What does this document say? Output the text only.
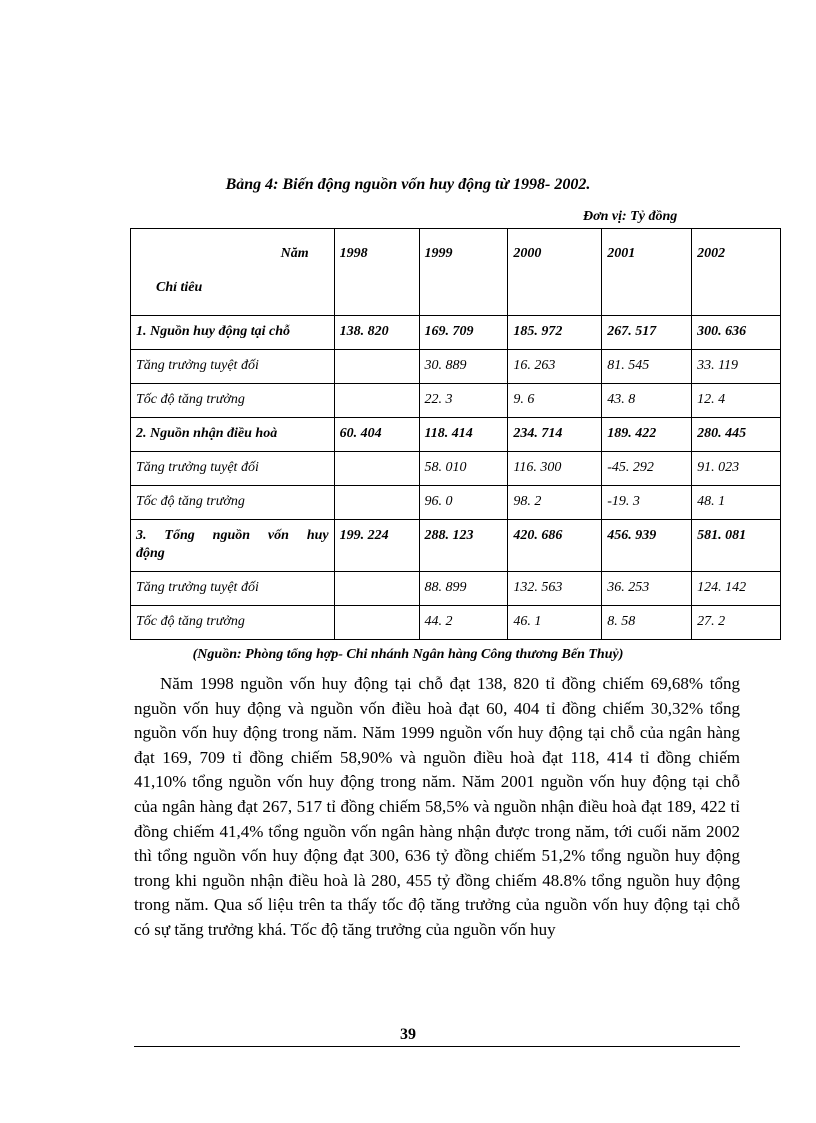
Bảng 4: Biến động nguồn vốn huy động từ 1998- 2002.
Đơn vị: Tỷ đồng
Năm
Chỉ tiêu	1998	1999	2000	2001	2002
1. Nguồn huy động tại chỗ	138. 820	169. 709	185. 972	267. 517	300. 636
Tăng trưởng tuyệt đối		30. 889	16. 263	81. 545	33. 119
Tốc độ tăng trưởng		22. 3	9. 6	43. 8	12. 4
2. Nguồn nhận điều hoà	60. 404	118. 414	234. 714	189. 422	280. 445
Tăng trưởng tuyệt đối		58. 010	116. 300	-45. 292	91. 023
Tốc độ tăng trưởng		96. 0	98. 2	-19. 3	48. 1

3. Tổng nguồn vốn huy
động	199. 224	288. 123	420. 686	456. 939	581. 081
Tăng trưởng tuyệt đối		88. 899	132. 563	36. 253	124. 142
Tốc độ tăng trưởng		44. 2	46. 1	8. 58	27. 2
(Nguồn: Phòng tổng hợp- Chi nhánh Ngân hàng Công thương Bến Thuỷ)

Năm 1998 nguồn vốn huy động tại chỗ đạt 138, 820 tỉ đồng chiếm 69,68% tổng nguồn vốn huy động và nguồn vốn điều hoà đạt 60, 404 tỉ đồng chiếm 30,32% tổng nguồn vốn huy động trong năm. Năm 1999 nguồn vốn huy động tại chỗ của ngân hàng đạt 169, 709 tỉ đồng chiếm 58,90% và nguồn điều hoà đạt 118, 414 tỉ đồng chiếm 41,10% tổng nguồn vốn huy động trong năm. Năm 2001 nguồn vốn huy động tại chỗ của ngân hàng đạt 267, 517 tỉ đồng chiếm 58,5% và nguồn nhận điều hoà đạt 189, 422 tỉ đồng chiếm 41,4% tổng nguồn vốn ngân hàng nhận được trong năm, tới cuối năm 2002 thì tổng nguồn vốn huy động đạt 300, 636 tỷ đồng chiếm 51,2% tổng nguồn huy động trong khi nguồn nhận điều hoà là 280, 455 tỷ đồng chiếm 48.8% tổng nguồn huy động trong năm. Qua số liệu trên ta thấy tốc độ tăng trưởng của nguồn vốn huy động tại chỗ có sự tăng trưởng khá. Tốc độ tăng trưởng của nguồn vốn huy

39
